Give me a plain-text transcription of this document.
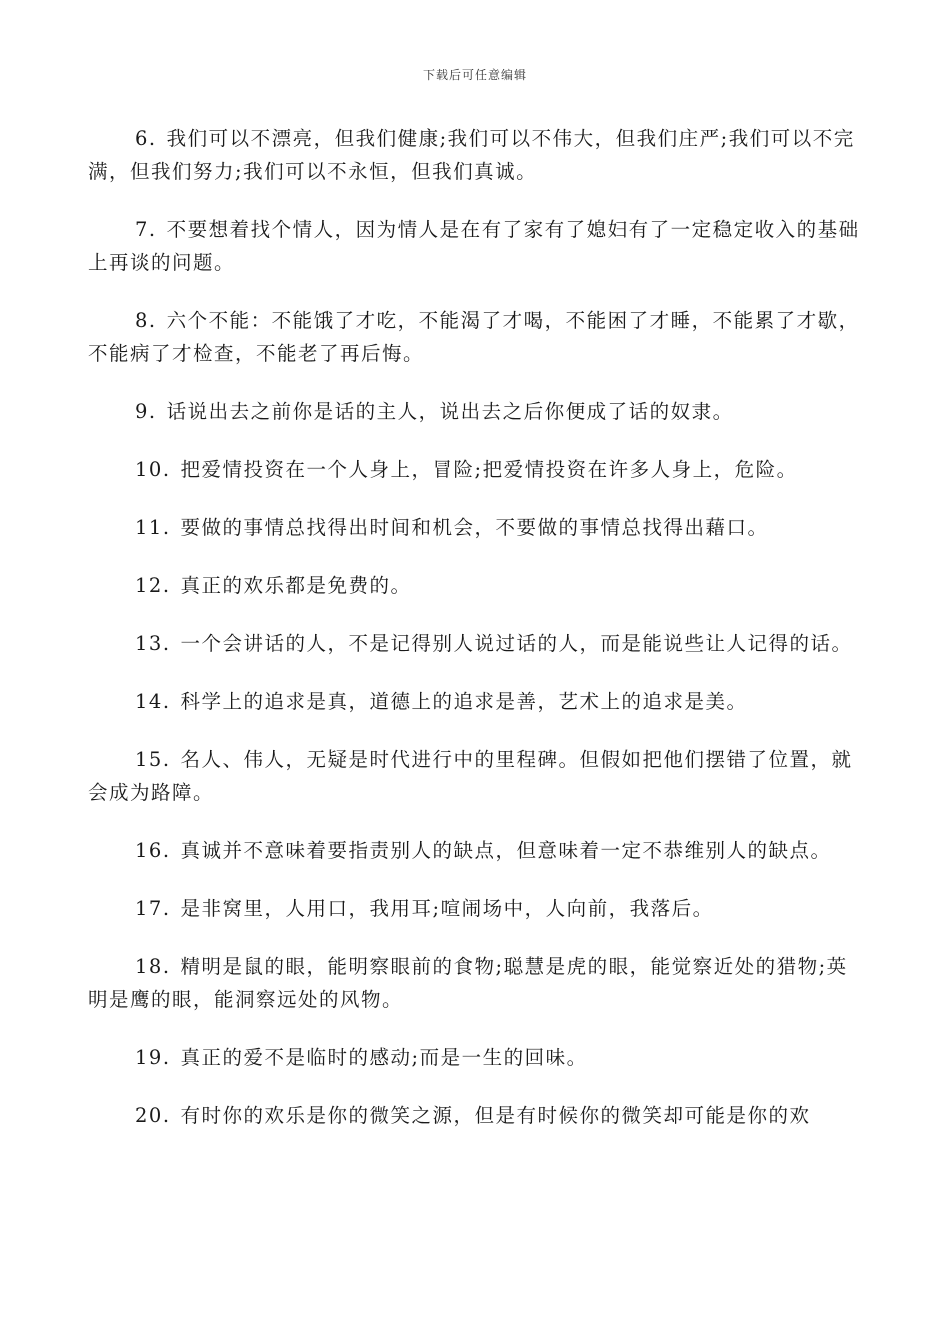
下载后可任意编辑

6. 我们可以不漂亮，但我们健康;我们可以不伟大，但我们庄严;我们可以不完满，但我们努力;我们可以不永恒，但我们真诚。

7. 不要想着找个情人，因为情人是在有了家有了媳妇有了一定稳定收入的基础上再谈的问题。

8. 六个不能：不能饿了才吃，不能渴了才喝，不能困了才睡，不能累了才歇，不能病了才检查，不能老了再后悔。

9. 话说出去之前你是话的主人，说出去之后你便成了话的奴隶。

10. 把爱情投资在一个人身上，冒险;把爱情投资在许多人身上，危险。

11. 要做的事情总找得出时间和机会，不要做的事情总找得出藉口。

12. 真正的欢乐都是免费的。

13. 一个会讲话的人，不是记得别人说过话的人，而是能说些让人记得的话。

14. 科学上的追求是真，道德上的追求是善，艺术上的追求是美。

15. 名人、伟人，无疑是时代进行中的里程碑。但假如把他们摆错了位置，就会成为路障。

16. 真诚并不意味着要指责别人的缺点，但意味着一定不恭维别人的缺点。

17. 是非窝里，人用口，我用耳;喧闹场中，人向前，我落后。

18. 精明是鼠的眼，能明察眼前的食物;聪慧是虎的眼，能觉察近处的猎物;英明是鹰的眼，能洞察远处的风物。

19. 真正的爱不是临时的感动;而是一生的回味。

20. 有时你的欢乐是你的微笑之源，但是有时候你的微笑却可能是你的欢
